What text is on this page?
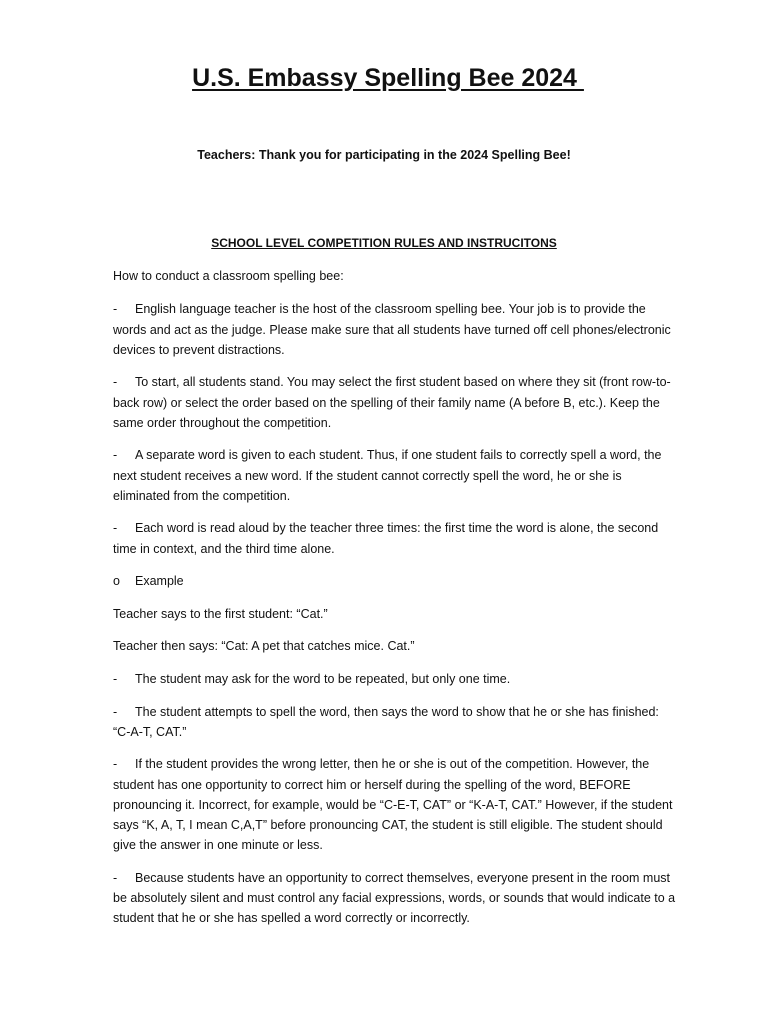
U.S. Embassy Spelling Bee 2024

Teachers: Thank you for participating in the 2024 Spelling Bee!

SCHOOL LEVEL COMPETITION RULES AND INSTRUCITONS

How to conduct a classroom spelling bee:

- English language teacher is the host of the classroom spelling bee. Your job is to provide the words and act as the judge. Please make sure that all students have turned off cell phones/electronic devices to prevent distractions.

- To start, all students stand. You may select the first student based on where they sit (front row-to- back row) or select the order based on the spelling of their family name (A before B, etc.). Keep the same order throughout the competition.

- A separate word is given to each student. Thus, if one student fails to correctly spell a word, the next student receives a new word. If the student cannot correctly spell the word, he or she is eliminated from the competition.

- Each word is read aloud by the teacher three times: the first time the word is alone, the second time in context, and the third time alone.

o Example

Teacher says to the first student: “Cat.”

Teacher then says: “Cat: A pet that catches mice. Cat.”

- The student may ask for the word to be repeated, but only one time.

- The student attempts to spell the word, then says the word to show that he or she has finished: “C-A-T, CAT.”

- If the student provides the wrong letter, then he or she is out of the competition. However, the student has one opportunity to correct him or herself during the spelling of the word, BEFORE pronouncing it. Incorrect, for example, would be “C-E-T, CAT” or “K-A-T, CAT.” However, if the student says “K, A, T, I mean C,A,T” before pronouncing CAT, the student is still eligible. The student should give the answer in one minute or less.

- Because students have an opportunity to correct themselves, everyone present in the room must be absolutely silent and must control any facial expressions, words, or sounds that would indicate to a student that he or she has spelled a word correctly or incorrectly.
